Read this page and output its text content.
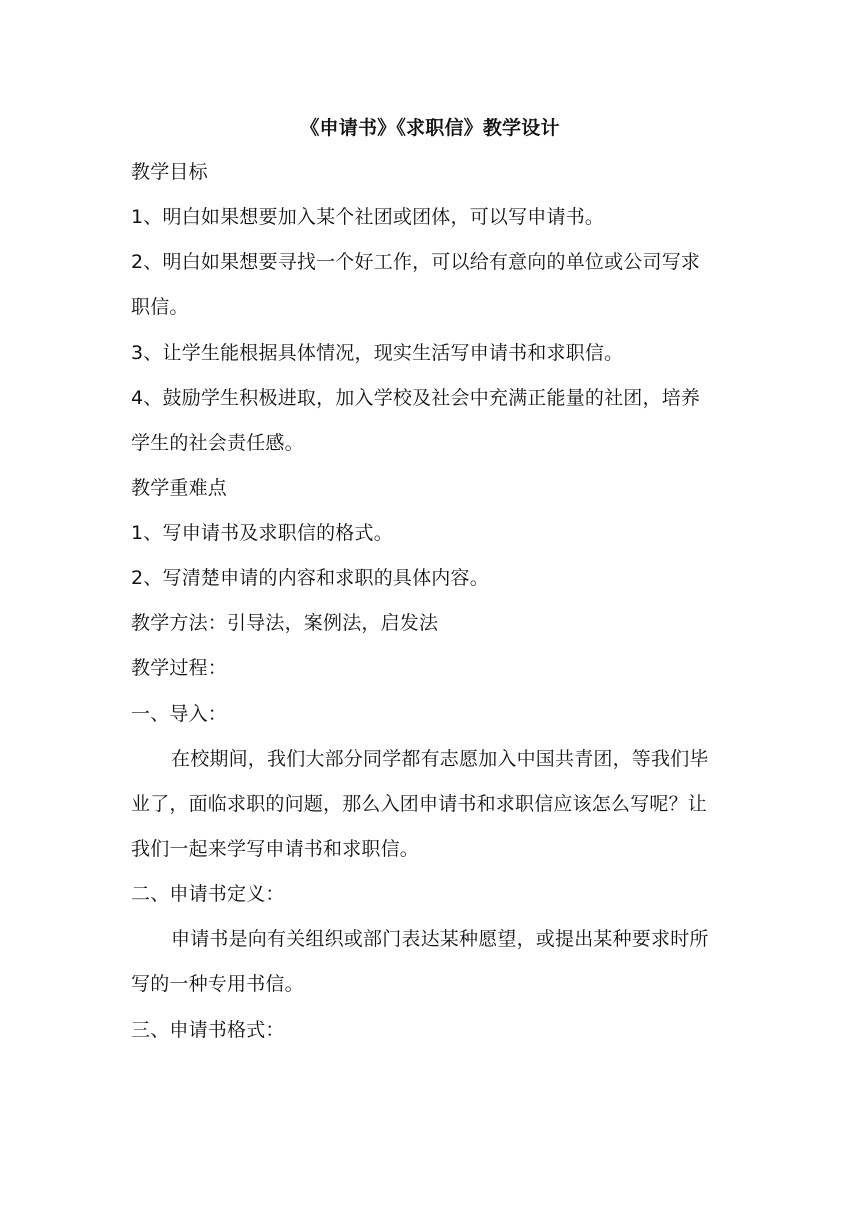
《申请书》《求职信》教学设计
教学目标
1、明白如果想要加入某个社团或团体，可以写申请书。
2、明白如果想要寻找一个好工作，可以给有意向的单位或公司写求
职信。
3、让学生能根据具体情况，现实生活写申请书和求职信。
4、鼓励学生积极进取，加入学校及社会中充满正能量的社团，培养
学生的社会责任感。
教学重难点
1、写申请书及求职信的格式。
2、写清楚申请的内容和求职的具体内容。
教学方法：引导法，案例法，启发法
教学过程：
一、导入：
在校期间，我们大部分同学都有志愿加入中国共青团，等我们毕
业了，面临求职的问题，那么入团申请书和求职信应该怎么写呢？让
我们一起来学写申请书和求职信。
二、申请书定义：
申请书是向有关组织或部门表达某种愿望，或提出某种要求时所
写的一种专用书信。
三、申请书格式：
